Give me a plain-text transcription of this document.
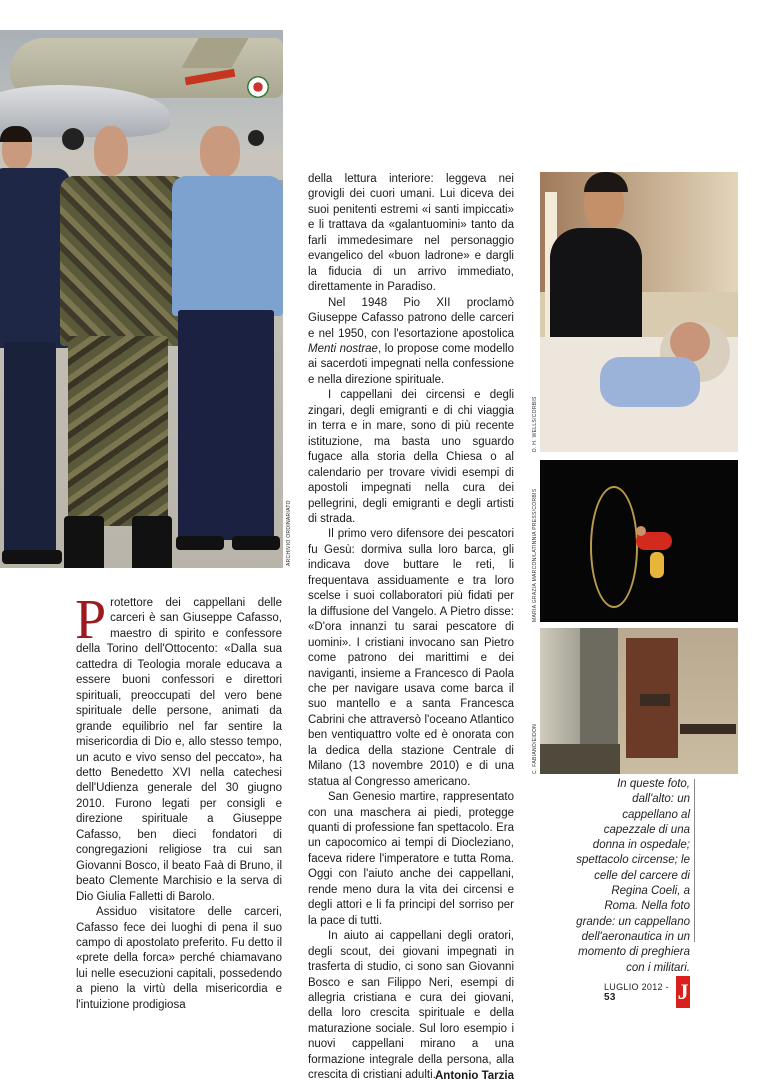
ARCHIVIO ORDINARIATO

Protettore dei cappellani delle carceri è san Giuseppe Cafasso, maestro di spirito e confessore della Torino dell'Ottocento: «Dalla sua cattedra di Teologia morale educava a essere buoni confessori e direttori spirituali, preoccupati del vero bene spirituale delle persone, animati da grande equilibrio nel far sentire la misericordia di Dio e, allo stesso tempo, un acuto e vivo senso del peccato», ha detto Benedetto XVI nella catechesi dell'Udienza generale del 30 giugno 2010. Furono legati per consigli e direzione spirituale a Giuseppe Cafasso, ben dieci fondatori di congregazioni religiose tra cui san Giovanni Bosco, il beato Faà di Bruno, il beato Clemente Marchisio e la serva di Dio Giulia Falletti di Barolo.

Assiduo visitatore delle carceri, Cafasso fece dei luoghi di pena il suo campo di apostolato preferito. Fu detto il «prete della forca» perché chiamavano lui nelle esecuzioni capitali, possedendo a pieno la virtù della misericordia e l'intuizione prodigiosa

della lettura interiore: leggeva nei grovigli dei cuori umani. Lui diceva dei suoi penitenti estremi «i santi impiccati» e li trattava da «galantuomini» tanto da farli immedesimare nel personaggio evangelico del «buon ladrone» e dargli la fiducia di un arrivo immediato, direttamente in Paradiso.

Nel 1948 Pio XII proclamò Giuseppe Cafasso patrono delle carceri e nel 1950, con l'esortazione apostolica Menti nostrae, lo propose come modello ai sacerdoti impegnati nella confessione e nella direzione spirituale.

I cappellani dei circensi e degli zingari, degli emigranti e di chi viaggia in terra e in mare, sono di più recente istituzione, ma basta uno sguardo fugace alla storia della Chiesa o al calendario per trovare vividi esempi di apostoli impegnati nella cura dei pellegrini, degli emigranti e degli artisti di strada.

Il primo vero difensore dei pescatori fu Gesù: dormiva sulla loro barca, gli indicava dove buttare le reti, li frequentava assiduamente e tra loro scelse i suoi collaboratori più fidati per la diffusione del Vangelo. A Pietro disse: «D'ora innanzi tu sarai pescatore di uomini». I cristiani invocano san Pietro come patrono dei marittimi e dei naviganti, insieme a Francesco di Paola che per navigare usava come barca il suo mantello e a santa Francesca Cabrini che attraversò l'oceano Atlantico ben ventiquattro volte ed è onorata con la dedica della stazione Centrale di Milano (13 novembre 2010) e di una statua al Congresso americano.

San Genesio martire, rappresentato con una maschera ai piedi, protegge quanti di professione fan spettacolo. Era un capocomico ai tempi di Diocleziano, faceva ridere l'imperatore e tutta Roma. Oggi con l'aiuto anche dei cappellani, rende meno dura la vita dei circensi e degli attori e li fa principi del sorriso per la pace di tutti.

In aiuto ai cappellani degli oratori, degli scout, dei giovani impegnati in trasferta di studio, ci sono san Giovanni Bosco e san Filippo Neri, esempi di allegria cristiana e cura dei giovani, della loro crescita spirituale e della maturazione sociale. Sul loro esempio i nuovi cappellani mirano a una formazione integrale della persona, alla crescita di cristiani adulti. Antonio Tarzia
D. H. WELLS/CORBIS
MARIA GRAZIA MARCON/LATINNIA PRESS/CORBIS
C. FABIANO/EIDON
In queste foto, dall'alto: un cappellano al capezzale di una donna in ospedale; spettacolo circense; le celle del carcere di Regina Coeli, a Roma. Nella foto grande: un cappellano dell'aeronautica in un momento di preghiera con i militari.
LUGLIO 2012 - 53	J
